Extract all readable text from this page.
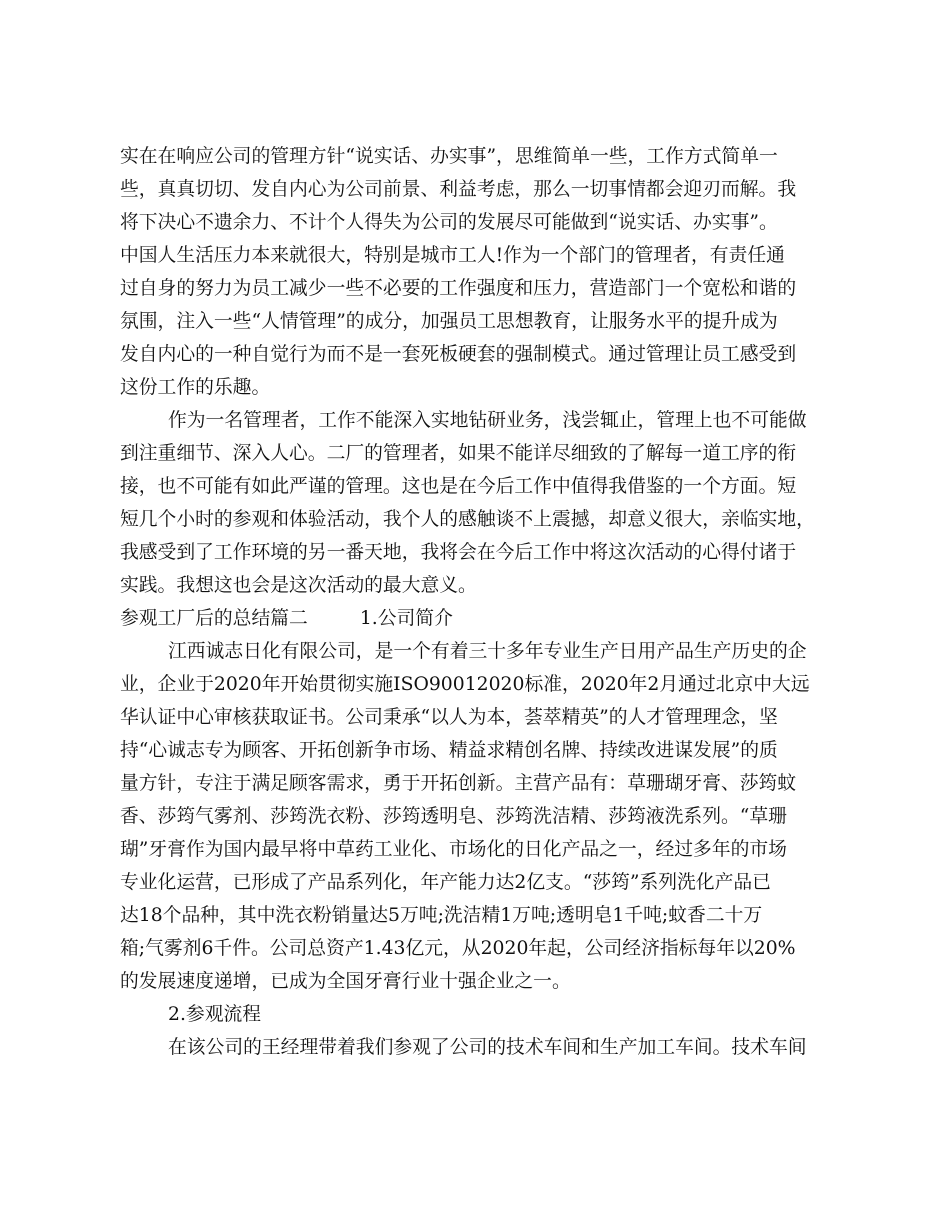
实在在响应公司的管理方针“说实话、办实事”，思维简单一些，工作方式简单一
些，真真切切、发自内心为公司前景、利益考虑，那么一切事情都会迎刃而解。我
将下决心不遗余力、不计个人得失为公司的发展尽可能做到“说实话、办实事”。
中国人生活压力本来就很大，特别是城市工人!作为一个部门的管理者，有责任通
过自身的努力为员工减少一些不必要的工作强度和压力，营造部门一个宽松和谐的
氛围，注入一些“人情管理”的成分，加强员工思想教育，让服务水平的提升成为
发自内心的一种自觉行为而不是一套死板硬套的强制模式。通过管理让员工感受到
这份工作的乐趣。
作为一名管理者，工作不能深入实地钻研业务，浅尝辄止，管理上也不可能做
到注重细节、深入人心。二厂的管理者，如果不能详尽细致的了解每一道工序的衔
接，也不可能有如此严谨的管理。这也是在今后工作中值得我借鉴的一个方面。短
短几个小时的参观和体验活动，我个人的感触谈不上震撼，却意义很大，亲临实地，
我感受到了工作环境的另一番天地，我将会在今后工作中将这次活动的心得付诸于
实践。我想这也会是这次活动的最大意义。
参观工厂后的总结篇二	1.公司简介
江西诚志日化有限公司，是一个有着三十多年专业生产日用产品生产历史的企
业，企业于2020年开始贯彻实施ISO90012020标准，2020年2月通过北京中大远
华认证中心审核获取证书。公司秉承“以人为本，荟萃精英”的人才管理理念，坚
持“心诚志专为顾客、开拓创新争市场、精益求精创名牌、持续改进谋发展”的质
量方针，专注于满足顾客需求，勇于开拓创新。主营产品有：草珊瑚牙膏、莎筠蚊
香、莎筠气雾剂、莎筠洗衣粉、莎筠透明皂、莎筠洗洁精、莎筠液洗系列。“草珊
瑚”牙膏作为国内最早将中草药工业化、市场化的日化产品之一，经过多年的市场
专业化运营，已形成了产品系列化，年产能力达2亿支。“莎筠”系列洗化产品已
达18个品种，其中洗衣粉销量达5万吨;洗洁精1万吨;透明皂1千吨;蚊香二十万
箱;气雾剂6千件。公司总资产1.43亿元，从2020年起，公司经济指标每年以20%
的发展速度递增，已成为全国牙膏行业十强企业之一。
2.参观流程
在该公司的王经理带着我们参观了公司的技术车间和生产加工车间。技术车间
